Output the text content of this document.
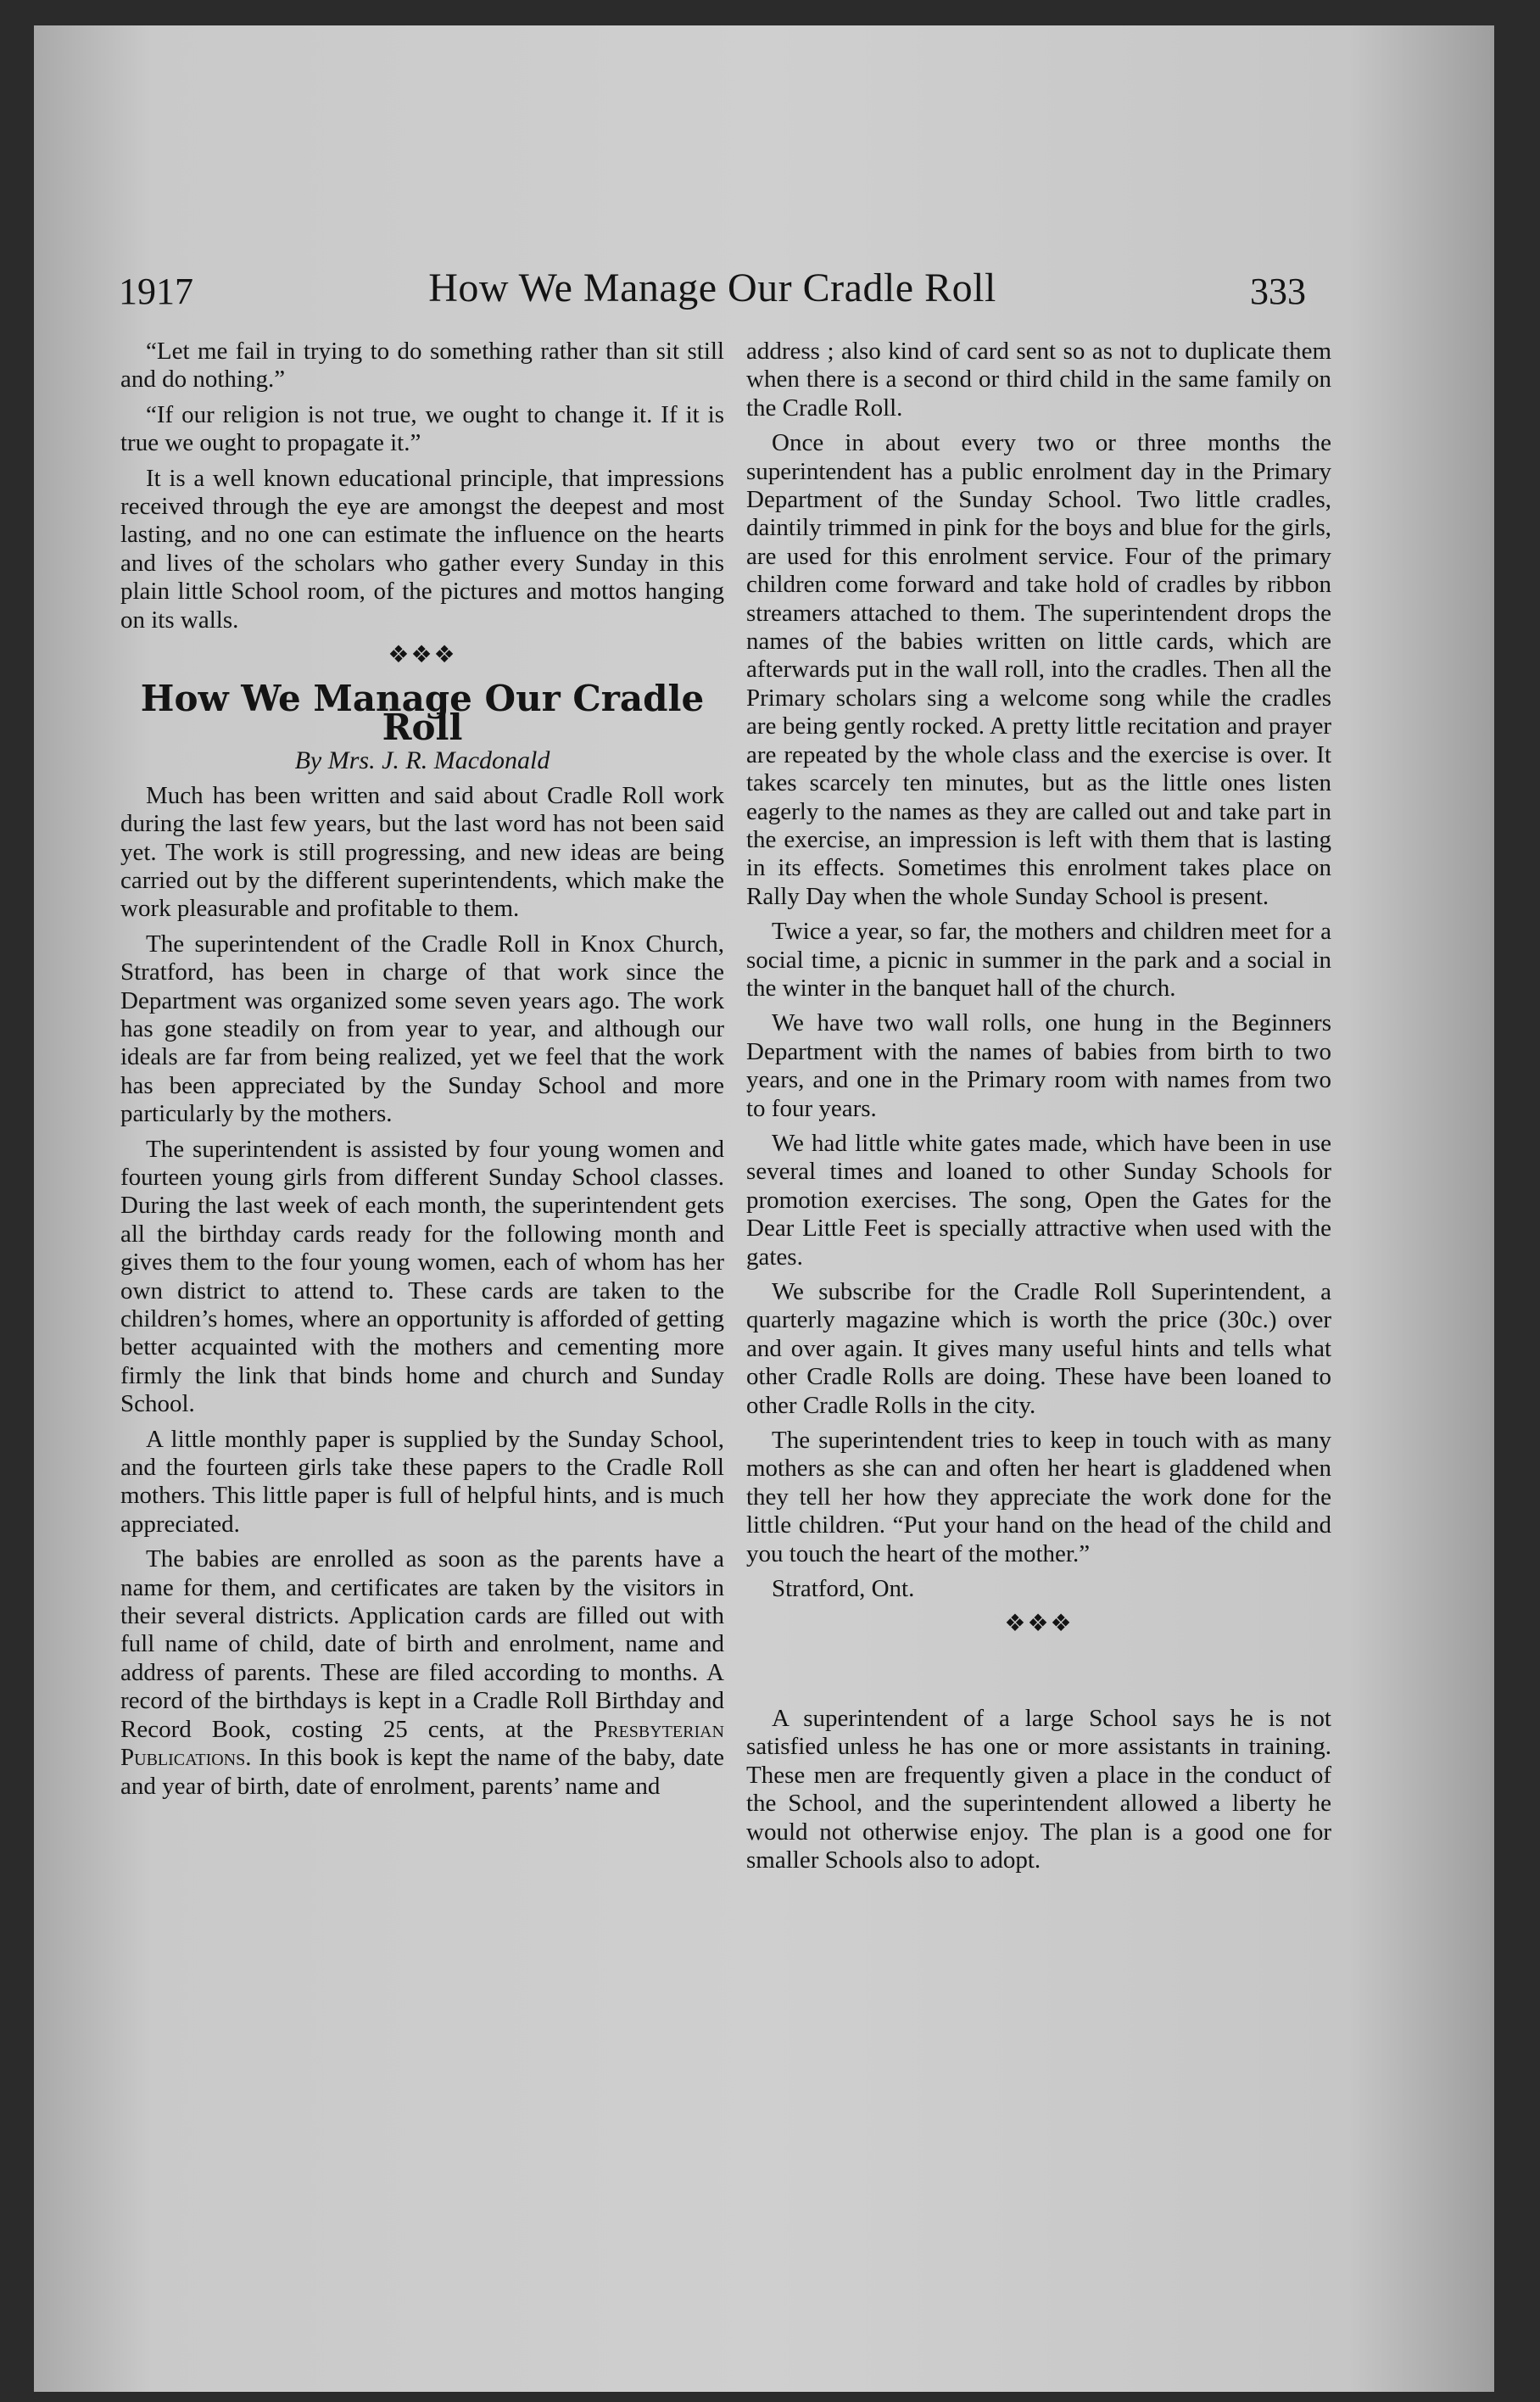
1917	How We Manage Our Cradle Roll	333

“Let me fail in trying to do something rather than sit still and do nothing.”

“If our religion is not true, we ought to change it. If it is true we ought to propagate it.”

It is a well known educational principle, that impressions received through the eye are amongst the deepest and most lasting, and no one can estimate the influence on the hearts and lives of the scholars who gather every Sunday in this plain little School room, of the pictures and mottos hanging on its walls.

❖❖❖
How We Manage Our Cradle Roll
By Mrs. J. R. Macdonald

Much has been written and said about Cradle Roll work during the last few years, but the last word has not been said yet. The work is still progressing, and new ideas are being carried out by the different superintendents, which make the work pleasurable and profitable to them.

The superintendent of the Cradle Roll in Knox Church, Stratford, has been in charge of that work since the Department was organized some seven years ago. The work has gone steadily on from year to year, and although our ideals are far from being realized, yet we feel that the work has been appreciated by the Sunday School and more particularly by the mothers.

The superintendent is assisted by four young women and fourteen young girls from different Sunday School classes. During the last week of each month, the superintendent gets all the birthday cards ready for the following month and gives them to the four young women, each of whom has her own district to attend to. These cards are taken to the children’s homes, where an opportunity is afforded of getting better acquainted with the mothers and cementing more firmly the link that binds home and church and Sunday School.

A little monthly paper is supplied by the Sunday School, and the fourteen girls take these papers to the Cradle Roll mothers. This little paper is full of helpful hints, and is much appreciated.

The babies are enrolled as soon as the parents have a name for them, and certificates are taken by the visitors in their several districts. Application cards are filled out with full name of child, date of birth and enrolment, name and address of parents. These are filed according to months. A record of the birthdays is kept in a Cradle Roll Birthday and Record Book, costing 25 cents, at the Presbyterian Publications. In this book is kept the name of the baby, date and year of birth, date of enrolment, parents’ name and

address ; also kind of card sent so as not to duplicate them when there is a second or third child in the same family on the Cradle Roll.

Once in about every two or three months the superintendent has a public enrolment day in the Primary Department of the Sunday School. Two little cradles, daintily trimmed in pink for the boys and blue for the girls, are used for this enrolment service. Four of the primary children come forward and take hold of cradles by ribbon streamers attached to them. The superintendent drops the names of the babies written on little cards, which are afterwards put in the wall roll, into the cradles. Then all the Primary scholars sing a welcome song while the cradles are being gently rocked. A pretty little recitation and prayer are repeated by the whole class and the exercise is over. It takes scarcely ten minutes, but as the little ones listen eagerly to the names as they are called out and take part in the exercise, an impression is left with them that is lasting in its effects. Sometimes this enrolment takes place on Rally Day when the whole Sunday School is present.

Twice a year, so far, the mothers and children meet for a social time, a picnic in summer in the park and a social in the winter in the banquet hall of the church.

We have two wall rolls, one hung in the Beginners Department with the names of babies from birth to two years, and one in the Primary room with names from two to four years.

We had little white gates made, which have been in use several times and loaned to other Sunday Schools for promotion exercises. The song, Open the Gates for the Dear Little Feet is specially attractive when used with the gates.

We subscribe for the Cradle Roll Superintendent, a quarterly magazine which is worth the price (30c.) over and over again. It gives many useful hints and tells what other Cradle Rolls are doing. These have been loaned to other Cradle Rolls in the city.

The superintendent tries to keep in touch with as many mothers as she can and often her heart is gladdened when they tell her how they appreciate the work done for the little children. “Put your hand on the head of the child and you touch the heart of the mother.”

Stratford, Ont.

❖❖❖

A superintendent of a large School says he is not satisfied unless he has one or more assistants in training. These men are frequently given a place in the conduct of the School, and the superintendent allowed a liberty he would not otherwise enjoy. The plan is a good one for smaller Schools also to adopt.
